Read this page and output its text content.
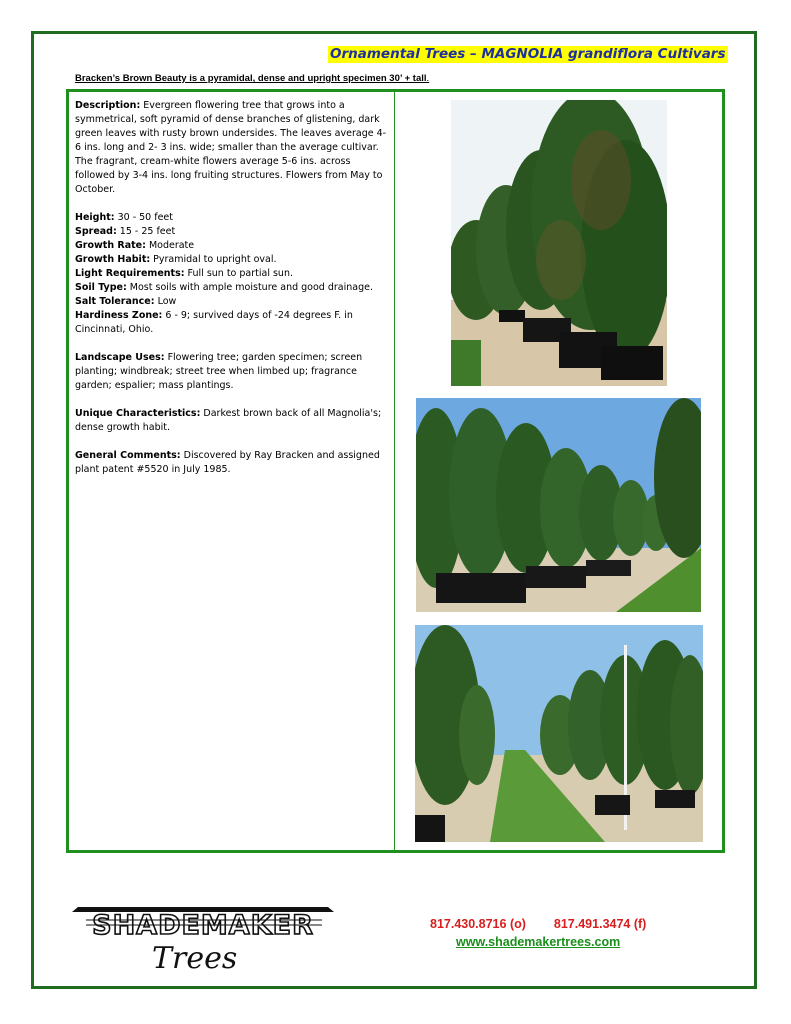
Ornamental Trees – MAGNOLIA grandiflora Cultivars
Bracken’s Brown Beauty is a pyramidal, dense and upright specimen 30’ + tall.

Description: Evergreen flowering tree that grows into a symmetrical, soft pyramid of dense branches of glistening, dark green leaves with rusty brown undersides. The leaves average 4-6 ins. long and 2- 3 ins. wide; smaller than the average cultivar. The fragrant, cream-white flowers average 5-6 ins. across followed by 3-4 ins. long fruiting structures. Flowers from May to October.

Height: 30 - 50 feet
Spread: 15 - 25 feet
Growth Rate: Moderate
Growth Habit: Pyramidal to upright oval.
Light Requirements: Full sun to partial sun.
Soil Type: Most soils with ample moisture and good drainage.
Salt Tolerance: Low

Hardiness Zone: 6 - 9; survived days of -24 degrees F. in Cincinnati, Ohio.

Landscape Uses: Flowering tree; garden specimen; screen planting; windbreak; street tree when limbed up; fragrance garden; espalier; mass plantings.

Unique Characteristics: Darkest brown back of all Magnolia's; dense growth habit.

General Comments: Discovered by Ray Bracken and assigned plant patent #5520 in July 1985.

SHADEMAKER
Trees
817.430.8716 (o) 817.491.3474 (f)
www.shademakertrees.com
